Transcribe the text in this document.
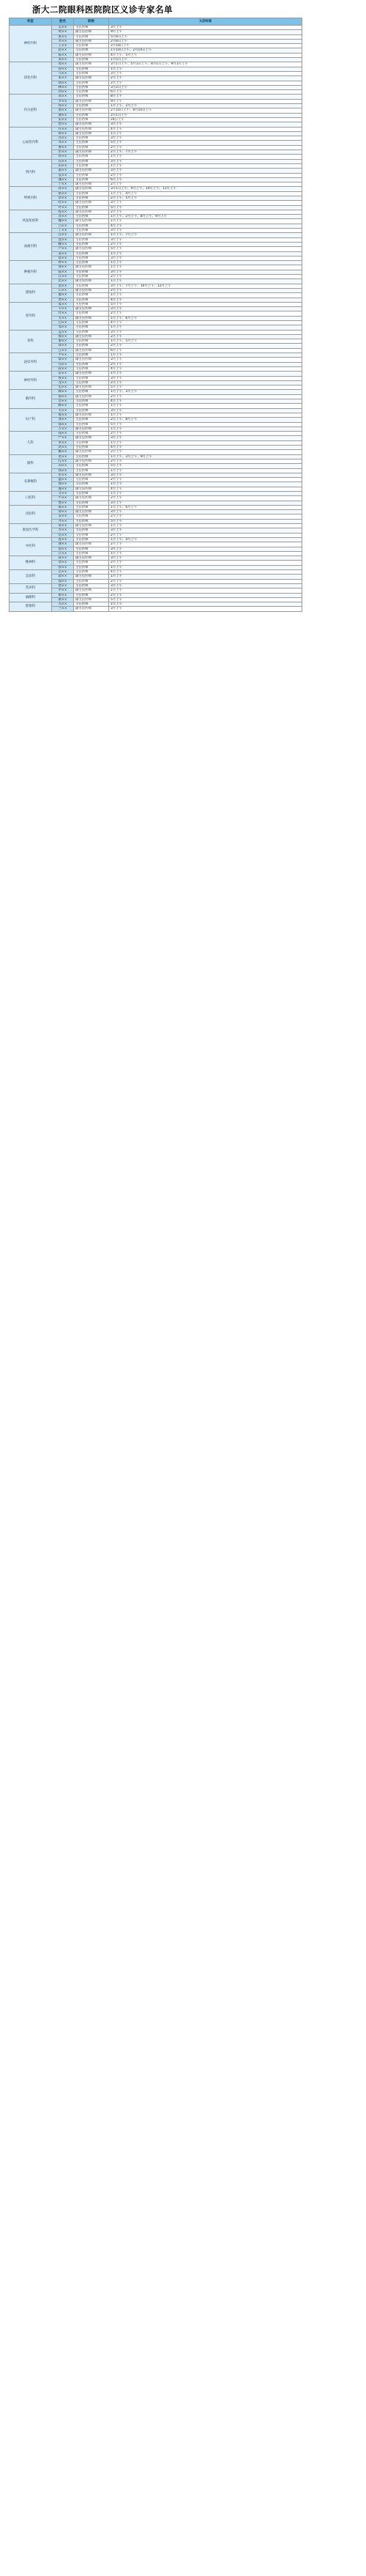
浙大二院眼科医院院区义诊专家名单
科室	姓名	职称	义诊时间
神经内科	吴××	主任医师	3月上午
	黄××	副主任医师	9月上午
	张××	主任医师	5月8日上午
	李××	副主任医师	2月8日上午
	王××	主任医师	2月18日上午
	赵××	主任医师	1月10日上午、2月14日上午
	陈××	副主任医师	4月上午、5月上午
	刘××	主任医师	1月5日上午
消化内科	周××	副主任医师	3月1日上午、5月1日上午、8月1日上午、9月1日上午
	孙××	主任医师	1月上午
	马××	主任医师	3月上午
	朱××	副主任医师	2月上午
	胡××	主任医师	2月上午
	林××	主任医师	3月2日上午
	何××	主任医师	6月上午
内分泌科	高××	主任医师	8月上午
	罗××	副主任医师	9月上午
	郑××	主任医师	1月上午、2月上午
	梁××	副主任医师	2月10日上午、8月10日上午
	谢××	主任医师	2月1日上午
	宋××	主任医师	24日上午
	唐××	副主任医师	3月上午
心血管内科	许××	副主任医师	4月上午
	韩××	副主任医师	1月上午
	冯××	主任医师	3月上午
	邓××	主任医师	5月上午
	曹××	主任医师	2月上午
	彭××	副主任医师	2月上午、7月上午
	曾××	主任医师	1月上午
肾内科	肖××	主任医师	3月上午
	田××	主任医师	1月上午
	董××	副主任医师	3月上午
	袁××	主任医师	2月上午
	潘××	主任医师	6月上午
	于××	副主任医师	2月上午
呼吸内科	蒋××	副主任医师	3月1日上午、9月上午、10月上午、11月上午
	蔡××	主任医师	1月上午、4月上午
	余××	主任医师	2月上午、5月上午
	杜××	副主任医师	3月上午
	叶××	主任医师	5月上午
风湿免疫科	程××	副主任医师	2月上午
	苏××	主任医师	1月上午、2月上午、8月上午、9月上午
	魏××	副主任医师	1月上午
	吕××	主任医师	4月上午
	丁××	主任医师	3月上午
血液内科	任××	副主任医师	1月上午、7月上午
	沈××	主任医师	3月上午
	姚××	主任医师	2月上午
	卢××	副主任医师	5月上午
	姜××	主任医师	1月上午
	崔××	主任医师	3月上午
肿瘤内科	钟××	主任医师	1月上午
	谭××	副主任医师	1月上午
	陆××	主任医师	3月上午
	汪××	主任医师	2月上午
	范××	副主任医师	1月上午
感染科	金××	主任医师	3月上午、7月上午、10月上午、12月上午
	石××	副主任医师	2月上午
	廖××	主任医师	1月上午
	贾××	主任医师	4月上午
普外科	夏××	主任医师	5月上午
	韦××	副主任医师	3月上午
	付××	主任医师	2月上午
	方××	副主任医师	1月上午、6月上午
	白××	主任医师	4月上午
	邹××	主任医师	1月上午
骨科	孟××	主任医师	3月上午
	熊××	副主任医师	2月上午
	秦××	主任医师	1月上午、5月上午
	邱××	主任医师	2月上午
	江××	副主任医师	6月上午
泌尿外科	尹××	主任医师	1月上午
	薛××	副主任医师	3月上午
	闫××	主任医师	2月上午
	段××	主任医师	4月上午
神经外科	雷××	副主任医师	1月上午
	侯××	主任医师	3月上午
	龙××	主任医师	2月上午
	史××	副主任医师	5月上午
胸外科	陶××	主任医师	1月上午、3月上午
	黎××	副主任医师	2月上午
	贺××	主任医师	4月上午
	顾××	主任医师	1月上午
妇产科	毛××	主任医师	3月上午
	郝××	副主任医师	1月上午
	龚××	主任医师	2月上午、8月上午
	邵××	主任医师	5月上午
	万××	副主任医师	1月上午
儿科	钱××	主任医师	2月上午
	严××	副主任医师	3月上午
	覃××	主任医师	1月上午
	武××	主任医师	4月上午
	戴××	副主任医师	2月上午
眼科	莫××	主任医师	1月上午、3月上午、9月上午
	孔××	副主任医师	2月上午
	向××	主任医师	5月上午
	汤××	主任医师	1月上午
耳鼻喉科	常××	副主任医师	3月上午
	温××	主任医师	2月上午
	康××	主任医师	1月上午
	施××	副主任医师	4月上午
口腔科	文××	主任医师	1月上午
	牛××	副主任医师	2月上午
	樊××	主任医师	3月上午
皮肤科	葛××	主任医师	1月上午、6月上午
	邢××	副主任医师	3月上午
	安××	主任医师	2月上午
	齐××	主任医师	5月上午
康复医学科	易××	副主任医师	1月上午
	乔××	主任医师	3月上午
	伍××	主任医师	2月上午
中医科	庞××	主任医师	1月上午、4月上午
	颜××	副主任医师	2月上午
	倪××	主任医师	3月上午
	庄××	主任医师	1月上午
精神科	聂××	副主任医师	3月上午
	章××	主任医师	2月上午
	鲁××	主任医师	1月上午
急诊科	岳××	主任医师	4月上午
	翟××	副主任医师	1月上午
	殷××	主任医师	2月上午
营养科	詹××	主任医师	3月上午
	申××	副主任医师	1月上午
麻醉科	欧××	主任医师	2月上午
	耿××	副主任医师	5月上午
影像科	关××	主任医师	1月上午
	兰××	副主任医师	3月上午
